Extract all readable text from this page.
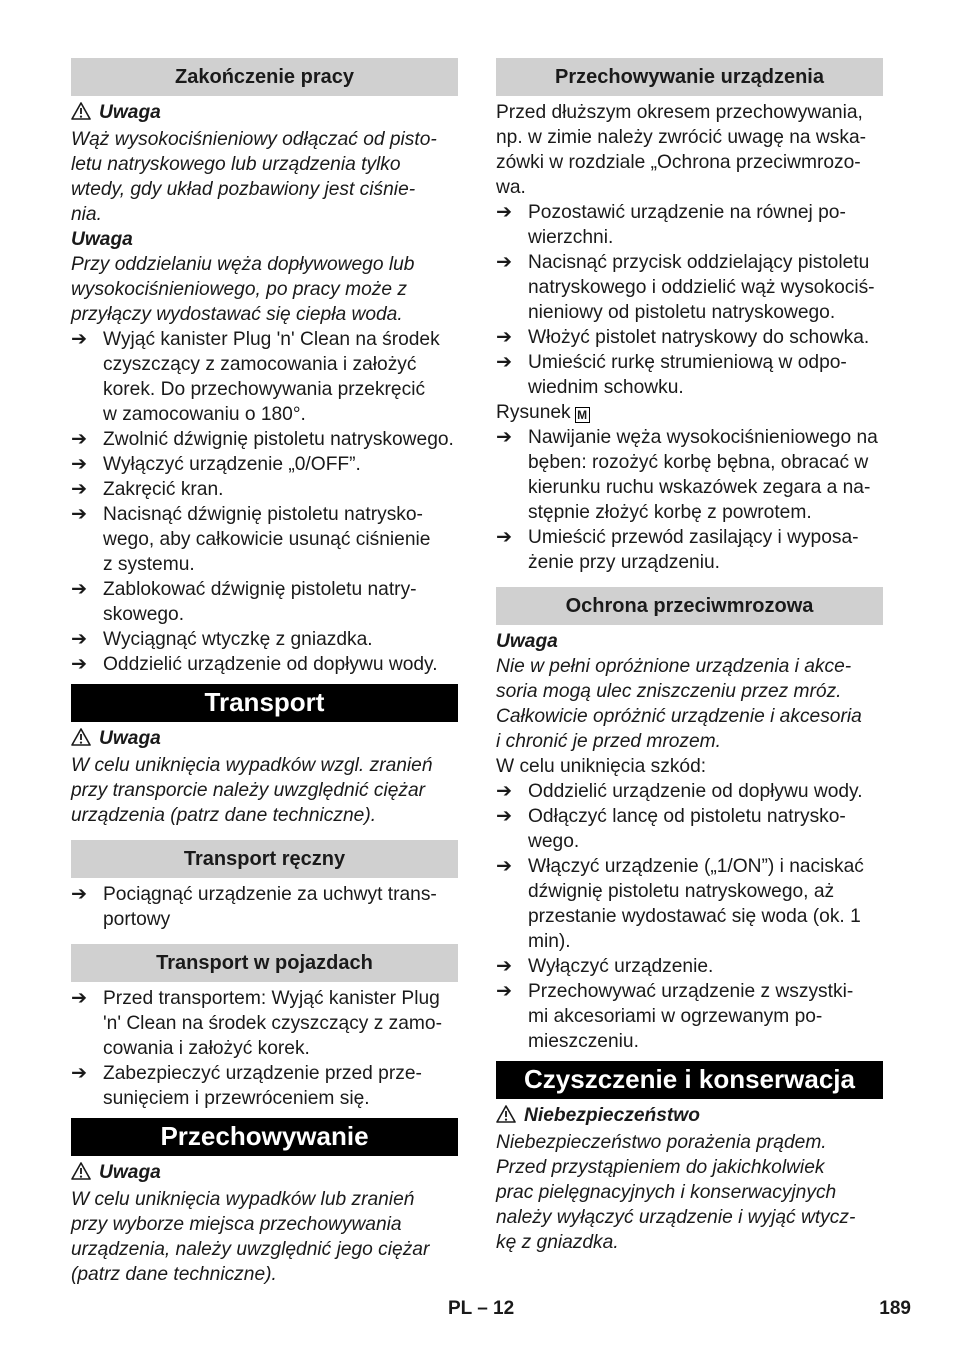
Zakończenie pracy
Uwaga
Wąż wysokociśnieniowy odłączać od pisto-
letu natryskowego lub urządzenia tylko
wtedy, gdy układ pozbawiony jest ciśnie-
nia.
Uwaga
Przy oddzielaniu węża dopływowego lub
wysokociśnieniowego, po pracy może z
przyłączy wydostawać się ciepła woda.
➔ Wyjąć kanister Plug 'n' Clean na środek
czyszczący z zamocowania i założyć
korek. Do przechowywania przekręcić
w zamocowaniu o 180°.
➔ Zwolnić dźwignię pistoletu natryskowego.
➔ Wyłączyć urządzenie „0/OFF”.
➔ Zakręcić kran.
➔ Nacisnąć dźwignię pistoletu natrysko-
wego, aby całkowicie usunąć ciśnienie
z systemu.
➔ Zablokować dźwignię pistoletu natry-
skowego.
➔ Wyciągnąć wtyczkę z gniazdka.
➔ Oddzielić urządzenie od dopływu wody.
Transport
Uwaga
W celu uniknięcia wypadków wzgl. zranień
przy transporcie należy uwzględnić ciężar
urządzenia (patrz dane techniczne).
Transport ręczny
➔ Pociągnąć urządzenie za uchwyt trans-
portowy
Transport w pojazdach
➔ Przed transportem: Wyjąć kanister Plug
'n' Clean na środek czyszczący z zamo-
cowania i założyć korek.
➔ Zabezpieczyć urządzenie przed prze-
sunięciem i przewróceniem się.
Przechowywanie
Uwaga
W celu uniknięcia wypadków lub zranień
przy wyborze miejsca przechowywania
urządzenia, należy uwzględnić jego ciężar
(patrz dane techniczne).
Przechowywanie urządzenia
Przed dłuższym okresem przechowywania,
np. w zimie należy zwrócić uwagę na wska-
zówki w rozdziale „Ochrona przeciwmrozo-
wa.
➔ Pozostawić urządzenie na równej po-
wierzchni.
➔ Nacisnąć przycisk oddzielający pistoletu
natryskowego i oddzielić wąż wysokociś-
nieniowy od pistoletu natryskowego.
➔ Włożyć pistolet natryskowy do schowka.
➔ Umieścić rurkę strumieniową w odpo-
wiednim schowku.
Rysunek M
➔ Nawijanie węża wysokociśnieniowego na
bęben: rozożyć korbę bębna, obracać w
kierunku ruchu wskazówek zegara a na-
stępnie złożyć korbę z powrotem.
➔ Umieścić przewód zasilający i wyposa-
żenie przy urządzeniu.
Ochrona przeciwmrozowa
Uwaga
Nie w pełni opróżnione urządzenia i akce-
soria mogą ulec zniszczeniu przez mróz.
Całkowicie opróżnić urządzenie i akcesoria
i chronić je przed mrozem.
W celu uniknięcia szkód:
➔ Oddzielić urządzenie od dopływu wody.
➔ Odłączyć lancę od pistoletu natrysko-
wego.
➔ Włączyć urządzenie („1/ON”) i naciskać
dźwignię pistoletu natryskowego, aż
przestanie wydostawać się woda (ok. 1
min).
➔ Wyłączyć urządzenie.
➔ Przechowywać urządzenie z wszystki-
mi akcesoriami w ogrzewanym po-
mieszczeniu.
Czyszczenie i konserwacja
Niebezpieczeństwo
Niebezpieczeństwo porażenia prądem.
Przed przystąpieniem do jakichkolwiek
prac pielęgnacyjnych i konserwacyjnych
należy wyłączyć urządzenie i wyjąć wtycz-
kę z gniazdka.
PL – 12	189
